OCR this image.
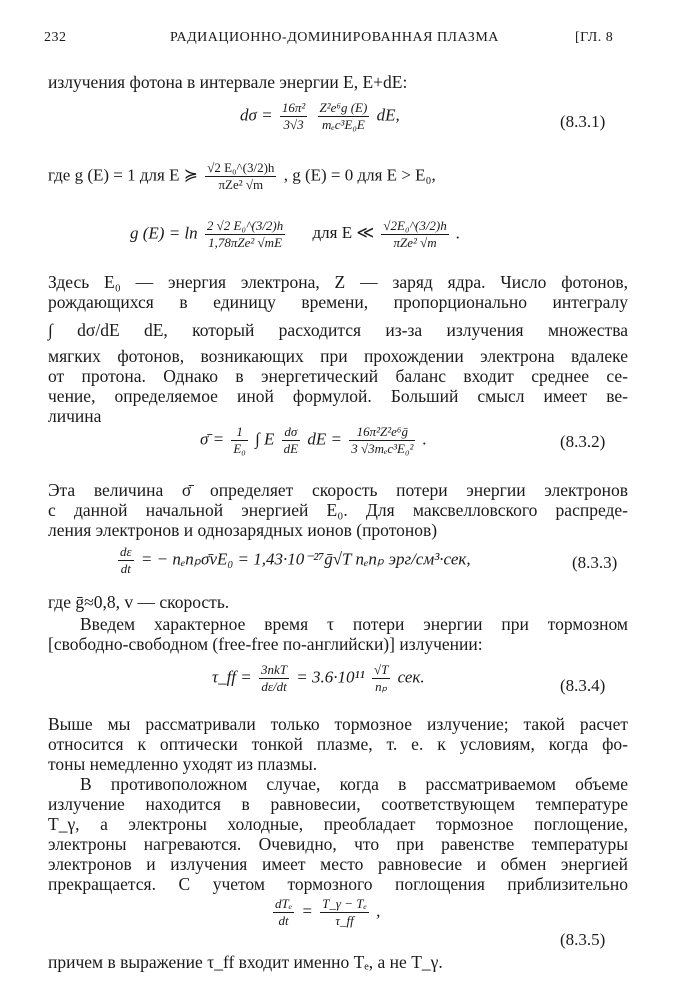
232	РАДИАЦИОННО-ДОМИНИРОВАННАЯ ПЛАЗМА	[ГЛ. 8
излучения фотона в интервале энергии E, E+dE:
$d\sigma = \frac{\text{16π²}}{3√3}$
$\frac{\text{Z²e⁶g (E)}}{\text{mₑc³E₀E}}$ dE,	(8.3.1)
где g (E) = 1 для E ≽ $\frac{\text{√2 E₀\textasciicircum{}(3/2)h}}{\text{πZe² √m}}$ , g (E) = 0 для E > E₀,
g $(E) = \ln \frac{\text{2 √2 E₀\textasciicircum{}(3/2)h}}{\text{1,78πZe² √mE}}$ для E ≪ $\frac{\text{√2E₀\textasciicircum{}(3/2)h}}{\text{πZe² √m}}$ .
Здесь E₀ — энергия электрона, Z — заряд ядра. Число фотонов,
рождающихся в единицу времени, пропорционально интегралу
∫ dσ/dE dE, который расходится из-за излучения множества
мягких фотонов, возникающих при прохождении электрона вдалеке
от протона. Однако в энергетический баланс входит среднее се-
чение, определяемое иной формулой. Больший смысл имеет ве-
личина
σ̄ = $\frac{1}{\text{E₀}}$ ∫ E $\frac{d\sigma}{dE}$ dE = $\frac{\text{16π²Z²e⁶ḡ}}{\text{3 √3mₑc³E₀²}}$ .	(8.3.2)
Эта величина σ̄ определяет скорость потери энергии электронов
с данной начальной энергией E₀. Для максвелловского распреде-
ления электронов и однозарядных ионов (протонов)
$\frac{d\varepsilon}{dt}$ = − nₑnₚσ̄vE₀ = 1,43·10⁻²⁷ḡ√T nₑnₚ эрг/см³·сек,	(8.3.3)
где ḡ≈0,8, v — скорость.
Введем характерное время τ потери энергии при тормозном
[свободно-свободном (free-free по-английски)] излучении:
τ_ff = $\frac{\text{3nkT}}{d\varepsilon/dt} = 3.6\cdot 10^{11} \frac{√T}{\text{nₚ}}$ сек.	(8.3.4)
Выше мы рассматривали только тормозное излучение; такой расчет
относится к оптически тонкой плазме, т. е. к условиям, когда фо-
тоны немедленно уходят из плазмы.
В противоположном случае, когда в рассматриваемом объеме
излучение находится в равновесии, соответствующем температуре
T_γ, а электроны холодные, преобладает тормозное поглощение,
электроны нагреваются. Очевидно, что при равенстве температуры
электронов и излучения имеет место равновесие и обмен энергией
прекращается. С учетом тормозного поглощения приблизительно
$\frac{\text{dTₑ}}{dt} = \frac{\text{T\_γ − Tₑ}}{\tau\_ff}$ ,
(8.3.5)
причем в выражение τ_ff входит именно Tₑ, а не T_γ.
